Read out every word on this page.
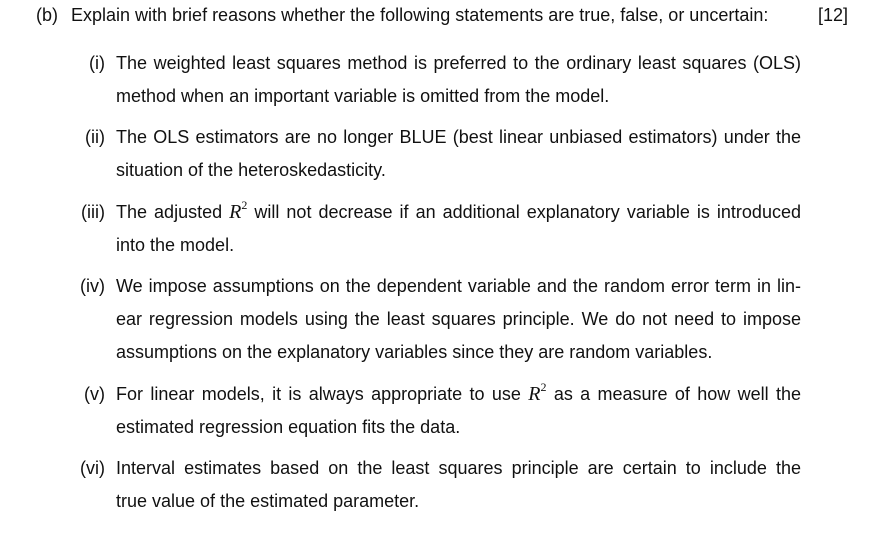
(b) Explain with brief reasons whether the following statements are true, false, or uncertain:	[12]
(i) The weighted least squares method is preferred to the ordinary least squares (OLS)
method when an important variable is omitted from the model.
(ii) The OLS estimators are no longer BLUE (best linear unbiased estimators) under the
situation of the heteroskedasticity.
(iii) The adjusted $R^2$ will not decrease if an additional explanatory variable is introduced
into the model.
(iv) We impose assumptions on the dependent variable and the random error term in lin-
ear regression models using the least squares principle. We do not need to impose
assumptions on the explanatory variables since they are random variables.
(v) For linear models, it is always appropriate to use $R^2$ as a measure of how well the
estimated regression equation fits the data.
(vi) Interval estimates based on the least squares principle are certain to include the
true value of the estimated parameter.
